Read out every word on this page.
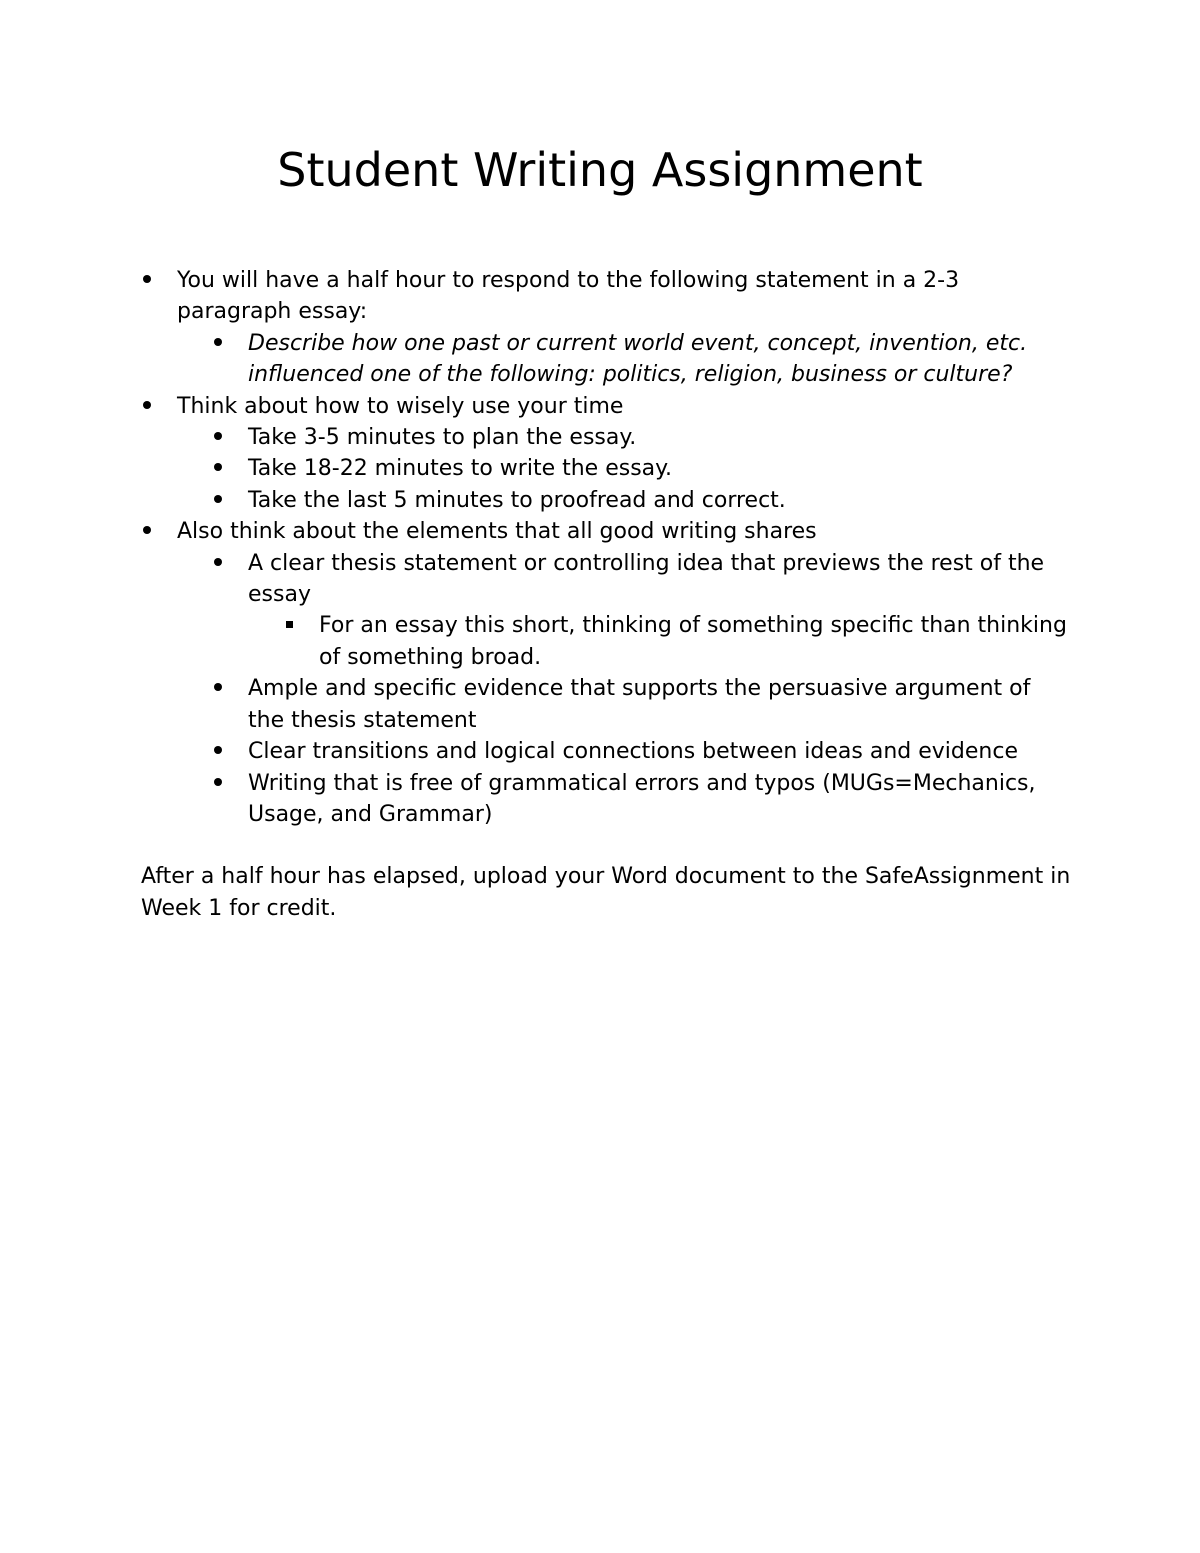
Student Writing Assignment
You will have a half hour to respond to the following statement in a 2-3 paragraph essay:
Describe how one past or current world event, concept, invention, etc. influenced one of the following: politics, religion, business or culture?
Think about how to wisely use your time
Take 3-5 minutes to plan the essay.
Take 18-22 minutes to write the essay.
Take the last 5 minutes to proofread and correct.
Also think about the elements that all good writing shares
A clear thesis statement or controlling idea that previews the rest of the essay
For an essay this short, thinking of something specific than thinking of something broad.
Ample and specific evidence that supports the persuasive argument of the thesis statement
Clear transitions and logical connections between ideas and evidence
Writing that is free of grammatical errors and typos (MUGs=Mechanics, Usage, and Grammar)

After a half hour has elapsed, upload your Word document to the SafeAssignment in Week 1 for credit.
